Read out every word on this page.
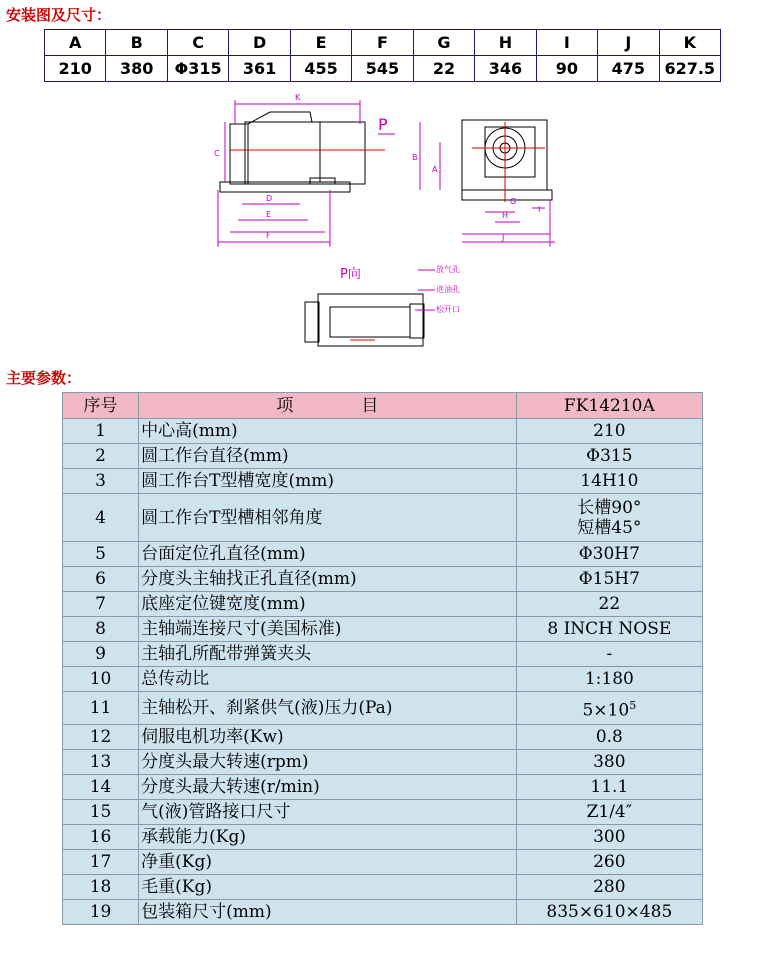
安装图及尺寸：
A	B	C	D	E	F	G	H	I	J	K
210	380	Φ315	361	455	545	22	346	90	475	627.5
K
C
D
E
F
P
B
A
G
H
I
J
P向	放气孔
进油孔
松开口
主要参数：
序号	项　　　　目	FK14210A
1	中心高(mm)	210
2	圆工作台直径(mm)	Φ315
3	圆工作台T型槽宽度(mm)	14H10
4	圆工作台T型槽相邻角度	长槽90°
短槽45°

5	台面定位孔直径(mm)	Φ30H7
6	分度头主轴找正孔直径(mm)	Φ15H7
7	底座定位键宽度(mm)	22
8	主轴端连接尺寸(美国标准)	8 INCH NOSE
9	主轴孔所配带弹簧夹头	-
10	总传动比	1:180
11	主轴松开、刹紧供气(液)压力(Pa)	$5\times 10^5$
12	伺服电机功率(Kw)	0.8
13	分度头最大转速(rpm)	380
14	分度头最大转速(r/min)	11.1
15	气(液)管路接口尺寸	Z1/4″
16	承载能力(Kg)	300
17	净重(Kg)	260
18	毛重(Kg)	280
19	包装箱尺寸(mm)	835×610×485
